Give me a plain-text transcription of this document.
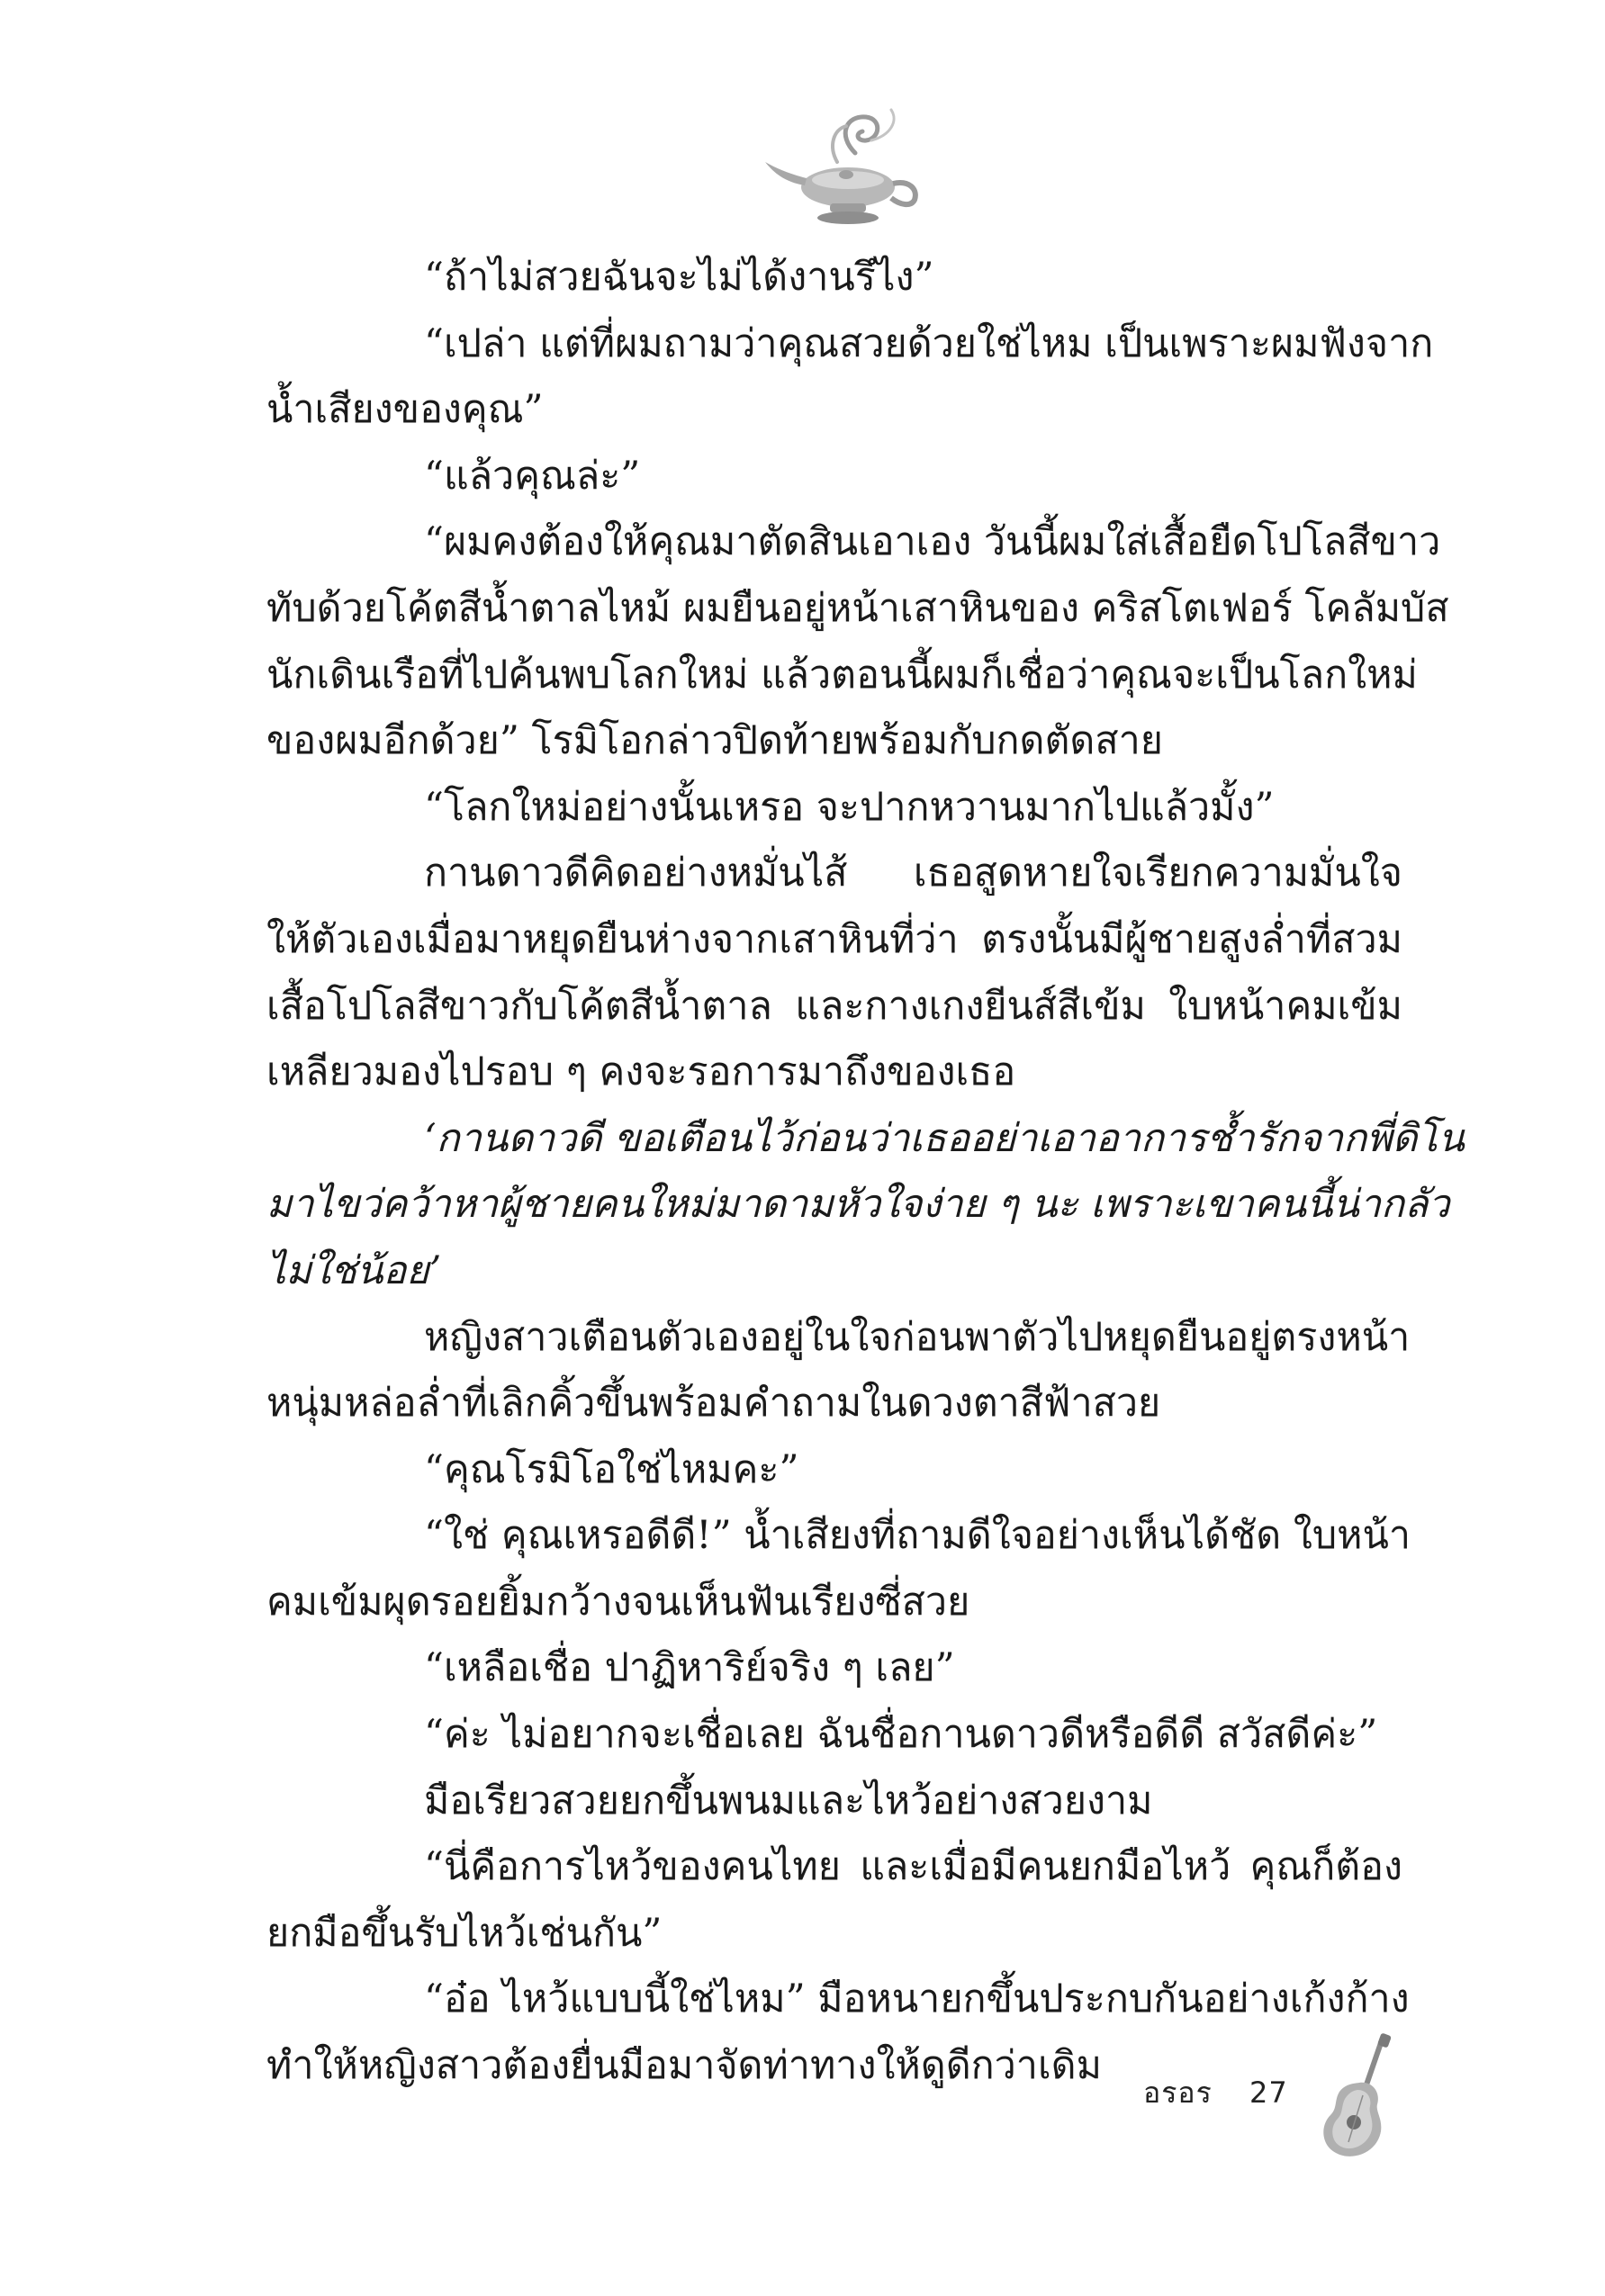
“ถ้าไม่สวยฉันจะไม่ได้งานรึไง”
“เปล่า แต่ที่ผมถามว่าคุณสวยด้วยใช่ไหม เป็นเพราะผมฟังจาก
น้ำเสียงของคุณ”
“แล้วคุณล่ะ”
“ผมคงต้องให้คุณมาตัดสินเอาเอง วันนี้ผมใส่เสื้อยืดโปโลสีขาว
ทับด้วยโค้ตสีน้ำตาลไหม้ ผมยืนอยู่หน้าเสาหินของ คริสโตเฟอร์ โคลัมบัส
นักเดินเรือที่ไปค้นพบโลกใหม่ แล้วตอนนี้ผมก็เชื่อว่าคุณจะเป็นโลกใหม่
ของผมอีกด้วย” โรมิโอกล่าวปิดท้ายพร้อมกับกดตัดสาย
“โลกใหม่อย่างนั้นเหรอ จะปากหวานมากไปแล้วมั้ง”
กานดาวดีคิดอย่างหมั่นไส้ เธอสูดหายใจเรียกความมั่นใจ
ให้ตัวเองเมื่อมาหยุดยืนห่างจากเสาหินที่ว่า ตรงนั้นมีผู้ชายสูงล่ำที่สวม
เสื้อโปโลสีขาวกับโค้ตสีน้ำตาล และกางเกงยีนส์สีเข้ม ใบหน้าคมเข้ม
เหลียวมองไปรอบ ๆ คงจะรอการมาถึงของเธอ
‘กานดาวดี ขอเตือนไว้ก่อนว่าเธออย่าเอาอาการช้ำรักจากพี่ดิโน
มาไขว่คว้าหาผู้ชายคนใหม่มาดามหัวใจง่าย ๆ นะ เพราะเขาคนนี้น่ากลัว
ไม่ใช่น้อย’
หญิงสาวเตือนตัวเองอยู่ในใจก่อนพาตัวไปหยุดยืนอยู่ตรงหน้า
หนุ่มหล่อล่ำที่เลิกคิ้วขึ้นพร้อมคำถามในดวงตาสีฟ้าสวย
“คุณโรมิโอใช่ไหมคะ”
“ใช่ คุณเหรอดีดี!” น้ำเสียงที่ถามดีใจอย่างเห็นได้ชัด ใบหน้า
คมเข้มผุดรอยยิ้มกว้างจนเห็นฟันเรียงซี่สวย
“เหลือเชื่อ ปาฏิหาริย์จริง ๆ เลย”
“ค่ะ ไม่อยากจะเชื่อเลย ฉันชื่อกานดาวดีหรือดีดี สวัสดีค่ะ”
มือเรียวสวยยกขึ้นพนมและไหว้อย่างสวยงาม
“นี่คือการไหว้ของคนไทย และเมื่อมีคนยกมือไหว้ คุณก็ต้อง
ยกมือขึ้นรับไหว้เช่นกัน”
“อ๋อ ไหว้แบบนี้ใช่ไหม” มือหนายกขึ้นประกบกันอย่างเก้งก้าง
ทำให้หญิงสาวต้องยื่นมือมาจัดท่าทางให้ดูดีกว่าเดิม
อรอร 27
